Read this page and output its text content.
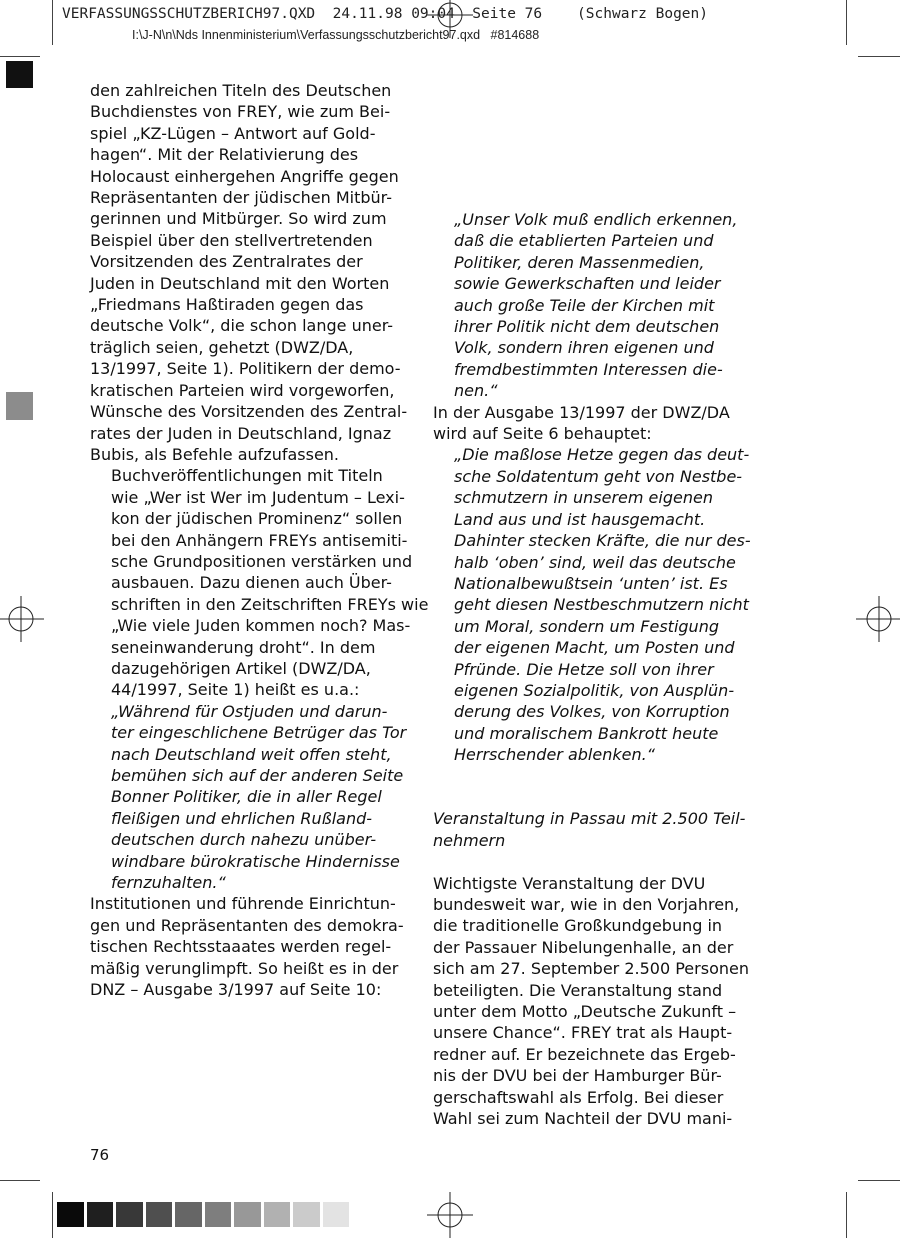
VERFASSUNGSSCHUTZBERICH97.QXD  24.11.98 09:04  Seite 76    (Schwarz Bogen)
I:\J-N\n\Nds Innenministerium\Verfassungsschutzbericht97.qxd   #814688

den zahlreichen Titeln des Deutschen
Buchdienstes von FREY, wie zum Bei-
spiel „KZ-Lügen – Antwort auf Gold-
hagen“. Mit der Relativierung des
Holocaust einhergehen Angriffe gegen
Repräsentanten der jüdischen Mitbür-
gerinnen und Mitbürger. So wird zum
Beispiel über den stellvertretenden
Vorsitzenden des Zentralrates der
Juden in Deutschland mit den Worten
„Friedmans Haßtiraden gegen das
deutsche Volk“, die schon lange uner-
träglich seien, gehetzt (DWZ/DA,
13/1997, Seite 1). Politikern der demo-
kratischen Parteien wird vorgeworfen,
Wünsche des Vorsitzenden des Zentral-
rates der Juden in Deutschland, Ignaz
Bubis, als Befehle aufzufassen.

Buchveröffentlichungen mit Titeln
wie „Wer ist Wer im Judentum – Lexi-
kon der jüdischen Prominenz“ sollen
bei den Anhängern FREYs antisemiti-
sche Grundpositionen verstärken und
ausbauen. Dazu dienen auch Über-
schriften in den Zeitschriften FREYs wie
„Wie viele Juden kommen noch? Mas-
seneinwanderung droht“. In dem
dazugehörigen Artikel (DWZ/DA,
44/1997, Seite 1) heißt es u.a.:

„Während für Ostjuden und darun-
ter eingeschlichene Betrüger das Tor
nach Deutschland weit offen steht,
bemühen sich auf der anderen Seite
Bonner Politiker, die in aller Regel
fleißigen und ehrlichen Rußland-
deutschen durch nahezu unüber-
windbare bürokratische Hindernisse
fernzuhalten.“

Institutionen und führende Einrichtun-
gen und Repräsentanten des demokra-
tischen Rechtsstaaates werden regel-
mäßig verunglimpft. So heißt es in der
DNZ – Ausgabe 3/1997 auf Seite 10:

„Unser Volk muß endlich erkennen,
daß die etablierten Parteien und
Politiker, deren Massenmedien,
sowie Gewerkschaften und leider
auch große Teile der Kirchen mit
ihrer Politik nicht dem deutschen
Volk, sondern ihren eigenen und
fremdbestimmten Interessen die-
nen.“

In der Ausgabe 13/1997 der DWZ/DA
wird auf Seite 6 behauptet:

„Die maßlose Hetze gegen das deut-
sche Soldatentum geht von Nestbe-
schmutzern in unserem eigenen
Land aus und ist hausgemacht.
Dahinter stecken Kräfte, die nur des-
halb ‘oben’ sind, weil das deutsche
Nationalbewußtsein ‘unten’ ist. Es
geht diesen Nestbeschmutzern nicht
um Moral, sondern um Festigung
der eigenen Macht, um Posten und
Pfründe. Die Hetze soll von ihrer
eigenen Sozialpolitik, von Ausplün-
derung des Volkes, von Korruption
und moralischem Bankrott heute
Herrschender ablenken.“

Veranstaltung in Passau mit 2.500 Teil-
nehmern

Wichtigste Veranstaltung der DVU
bundesweit war, wie in den Vorjahren,
die traditionelle Großkundgebung in
der Passauer Nibelungenhalle, an der
sich am 27. September 2.500 Personen
beteiligten. Die Veranstaltung stand
unter dem Motto „Deutsche Zukunft –
unsere Chance“. FREY trat als Haupt-
redner auf. Er bezeichnete das Ergeb-
nis der DVU bei der Hamburger Bür-
gerschaftswahl als Erfolg. Bei dieser
Wahl sei zum Nachteil der DVU mani-

76
